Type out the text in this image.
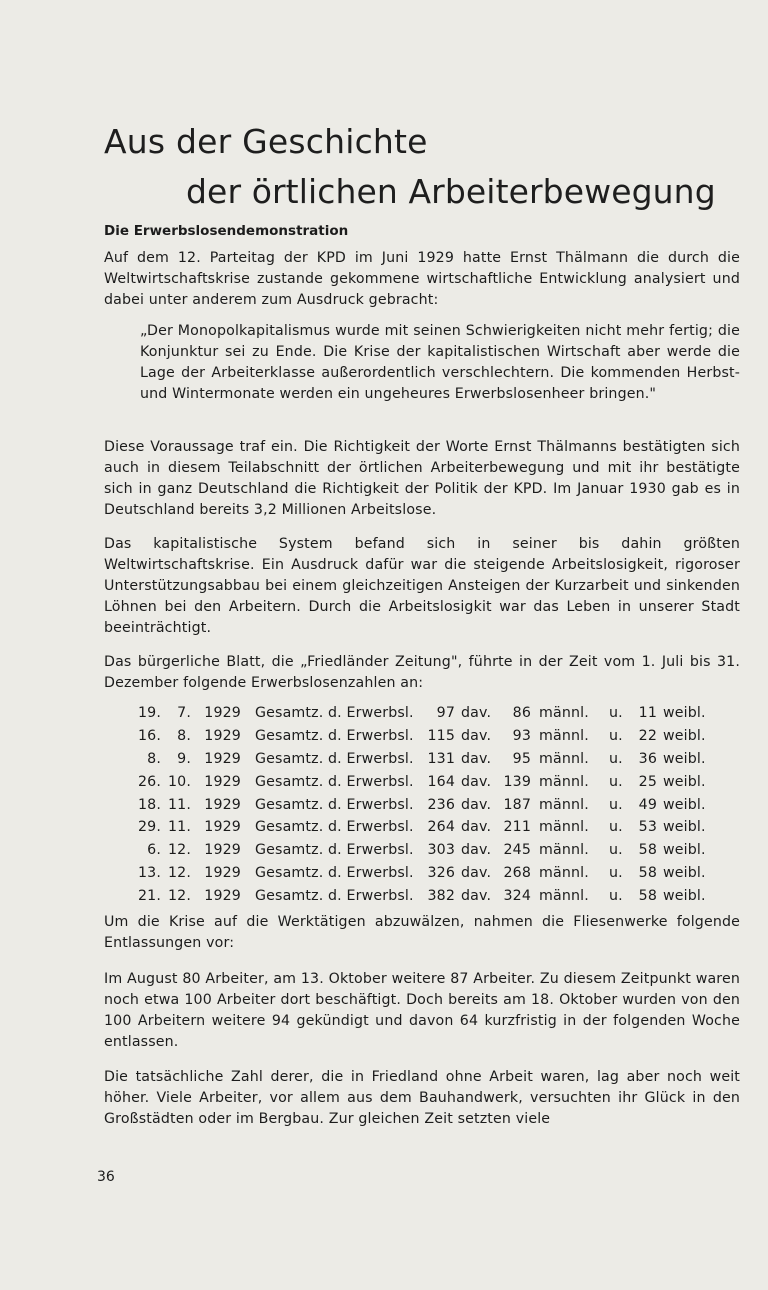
Aus der Geschichte
der örtlichen Arbeiterbewegung
Die Erwerbslosendemonstration

Auf dem 12. Parteitag der KPD im Juni 1929 hatte Ernst Thälmann die durch die Weltwirtschaftskrise zustande gekommene wirtschaftliche Entwicklung analysiert und dabei unter anderem zum Ausdruck gebracht:

„Der Monopolkapitalismus wurde mit seinen Schwierigkeiten nicht mehr fertig; die Konjunktur sei zu Ende. Die Krise der kapitalistischen Wirtschaft aber werde die Lage der Arbeiterklasse außerordentlich verschlechtern. Die kommenden Herbst- und Wintermonate werden ein ungeheures Erwerbslosenheer bringen."

Diese Voraussage traf ein. Die Richtigkeit der Worte Ernst Thälmanns bestätigten sich auch in diesem Teilabschnitt der örtlichen Arbeiterbewegung und mit ihr bestätigte sich in ganz Deutschland die Richtigkeit der Politik der KPD. Im Januar 1930 gab es in Deutschland bereits 3,2 Millionen Arbeitslose.

Das kapitalistische System befand sich in seiner bis dahin größten Weltwirtschaftskrise. Ein Ausdruck dafür war die steigende Arbeitslosigkeit, rigoroser Unterstützungsabbau bei einem gleichzeitigen Ansteigen der Kurzarbeit und sinkenden Löhnen bei den Arbeitern. Durch die Arbeitslosigkit war das Leben in unserer Stadt beeinträchtigt.

Das bürgerliche Blatt, die „Friedländer Zeitung", führte in der Zeit vom 1. Juli bis 31. Dezember folgende Erwerbslosenzahlen an:

19.	7.	1929	Gesamtz. d. Erwerbsl.	97	dav.	86	männl.	u.	11	weibl.
16.	8.	1929	Gesamtz. d. Erwerbsl.	115	dav.	93	männl.	u.	22	weibl.
8.	9.	1929	Gesamtz. d. Erwerbsl.	131	dav.	95	männl.	u.	36	weibl.
26.	10.	1929	Gesamtz. d. Erwerbsl.	164	dav.	139	männl.	u.	25	weibl.
18.	11.	1929	Gesamtz. d. Erwerbsl.	236	dav.	187	männl.	u.	49	weibl.
29.	11.	1929	Gesamtz. d. Erwerbsl.	264	dav.	211	männl.	u.	53	weibl.
6.	12.	1929	Gesamtz. d. Erwerbsl.	303	dav.	245	männl.	u.	58	weibl.
13.	12.	1929	Gesamtz. d. Erwerbsl.	326	dav.	268	männl.	u.	58	weibl.
21.	12.	1929	Gesamtz. d. Erwerbsl.	382	dav.	324	männl.	u.	58	weibl.

Um die Krise auf die Werktätigen abzuwälzen, nahmen die Fliesenwerke folgende Entlassungen vor:

Im August 80 Arbeiter, am 13. Oktober weitere 87 Arbeiter. Zu diesem Zeitpunkt waren noch etwa 100 Arbeiter dort beschäftigt. Doch bereits am 18. Oktober wurden von den 100 Arbeitern weitere 94 gekündigt und davon 64 kurzfristig in der folgenden Woche entlassen.

Die tatsächliche Zahl derer, die in Friedland ohne Arbeit waren, lag aber noch weit höher. Viele Arbeiter, vor allem aus dem Bauhandwerk, versuchten ihr Glück in den Großstädten oder im Bergbau. Zur gleichen Zeit setzten viele

36
